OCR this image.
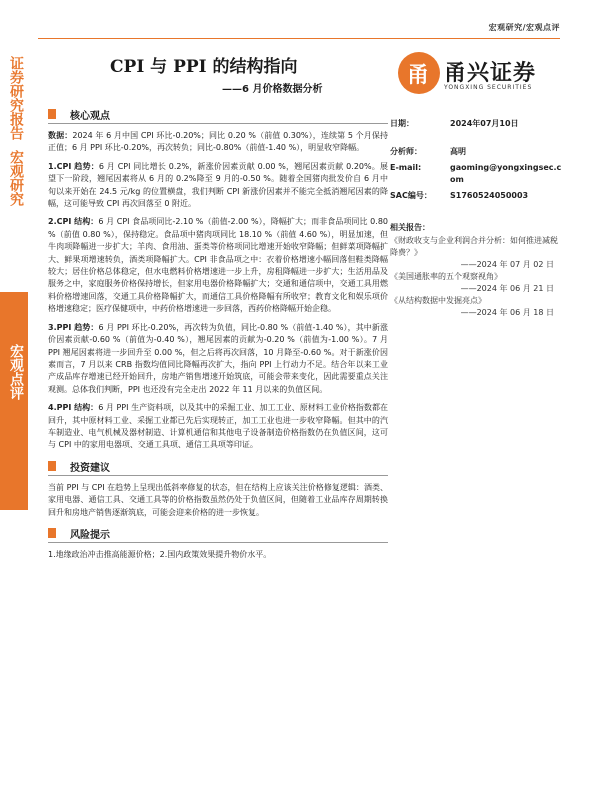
证券研究报告
宏观研究
宏观点评
宏观研究/宏观点评
CPI 与 PPI 的结构指向
——6 月价格数据分析
甬 甬兴证券
YONGXING SECURITIES
核心观点

数据：2024 年 6 月中国 CPI 环比-0.20%；同比 0.20 %（前值 0.30%），连续第 5 个月保持正值；6 月 PPI 环比-0.20%，再次转负；同比-0.80%（前值-1.40 %），明显收窄降幅。

1.CPI 趋势：6 月 CPI 同比增长 0.2%，新涨价因素贡献 0.00 %，翘尾因素贡献 0.20%。展望下一阶段，翘尾因素将从 6 月的 0.2%降至 9 月的-0.50 %。随着全国猪肉批发价自 6 月中旬以来开始在 24.5 元/kg 的位置横盘，我们判断 CPI 新涨价因素并不能完全抵消翘尾因素的降幅，这可能导致 CPI 再次回落至 0 附近。

2.CPI 结构：6 月 CPI 食品项同比-2.10 %（前值-2.00 %），降幅扩大；而非食品项同比 0.80 %（前值 0.80 %），保持稳定。食品项中猪肉项同比 18.10 %（前值 4.60 %），明显加速，但牛肉项降幅进一步扩大；羊肉、食用油、蛋类等价格项同比增速开始收窄降幅；但鲜菜项降幅扩大、鲜果项增速转负，酒类项降幅扩大。CPI 非食品项之中：衣着价格增速小幅回落但鞋类降幅较大；居住价格总体稳定，但水电燃料价格增速进一步上升，房租降幅进一步扩大；生活用品及服务之中，家庭服务价格保持增长，但家用电器价格降幅扩大；交通和通信项中，交通工具用燃料价格增速回落，交通工具价格降幅扩大，而通信工具价格降幅有所收窄；教育文化和娱乐项价格增速稳定；医疗保健项中，中药价格增速进一步回落，西药价格降幅开始企稳。

3.PPI 趋势：6 月 PPI 环比-0.20%，再次转为负值，同比-0.80 %（前值-1.40 %），其中新涨价因素贡献-0.60 %（前值为-0.40 %），翘尾因素的贡献为-0.20 %（前值为-1.00 %）。7 月 PPI 翘尾因素将进一步回升至 0.00 %，但之后将再次回落，10 月降至-0.60 %。对于新涨价因素而言，7 月以来 CRB 指数均值同比降幅再次扩大，指向 PPI 上行动力不足。结合年以来工业产成品库存增速已经开始回升，房地产销售增速开始筑底，可能会带来变化，因此需要重点关注观测。总体我们判断，PPI 也还没有完全走出 2022 年 11 月以来的负值区间。

4.PPI 结构：6 月 PPI 生产资料项，以及其中的采掘工业、加工工业、原材料工业价格指数都在回升，其中原材料工业、采掘工业都已先后实现转正，加工工业也进一步收窄降幅。但其中的汽车制造业、电气机械及器材制造、计算机通信和其他电子设备制造价格指数仍在负值区间，这可与 CPI 中的家用电器项、交通工具项、通信工具项等印证。

投资建议

当前 PPI 与 CPI 在趋势上呈现出低斜率修复的状态，但在结构上应该关注价格修复逻辑：酒类、家用电器、通信工具、交通工具等的价格指数虽然仍处于负值区间，但随着工业品库存周期转换回升和房地产销售逐渐筑底，可能会迎来价格的进一步恢复。

风险提示

1.地缘政治冲击推高能源价格；2.国内政策效果提升物价水平。

日期：	2024年07月10日
分析师：	高明
E-mail:	gaoming@yongxingsec.com
SAC编号： S1760524050003
相关报告：
《财政收支与企业利润合并分析：如何推进减税降费？》
——2024 年 07 月 02 日
《美国通胀率的五个观察视角》
——2024 年 06 月 21 日
《从结构数据中发掘亮点》
——2024 年 06 月 18 日
